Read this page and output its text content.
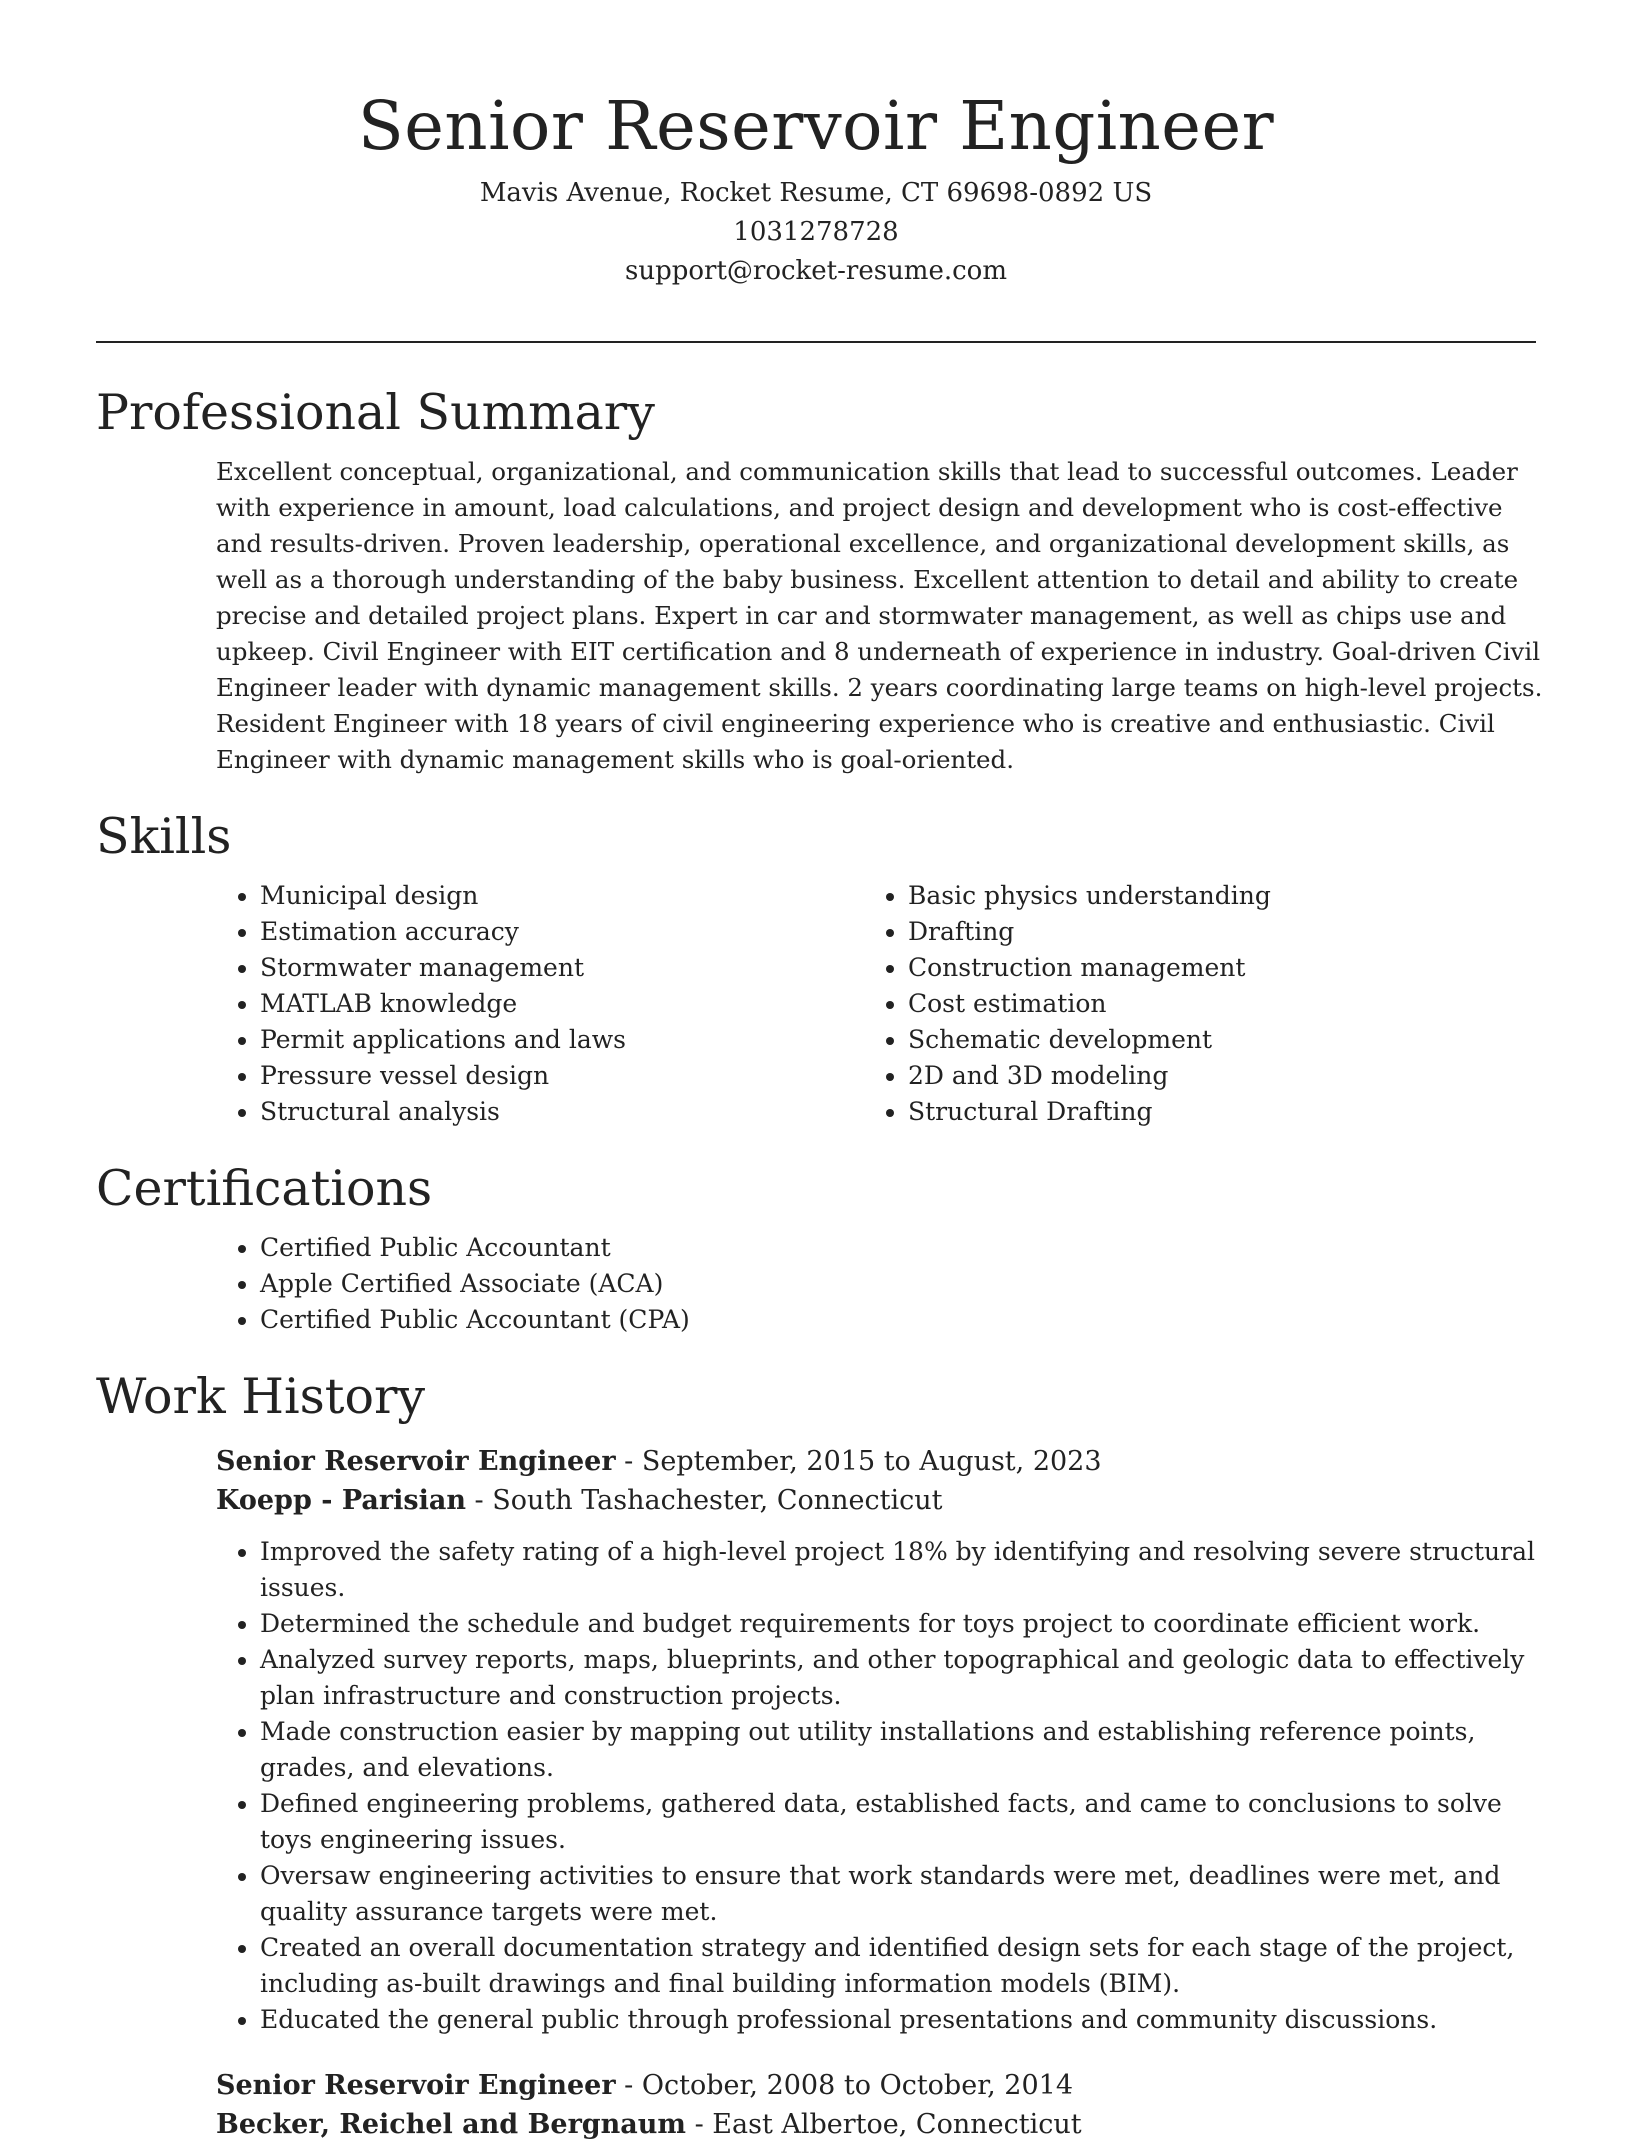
Senior Reservoir Engineer
Mavis Avenue, Rocket Resume, CT 69698-0892 US
1031278728
support@rocket-resume.com
Professional Summary
Excellent conceptual, organizational, and communication skills that lead to successful outcomes. Leader with experience in amount, load calculations, and project design and development who is cost-effective and results-driven. Proven leadership, operational excellence, and organizational development skills, as well as a thorough understanding of the baby business. Excellent attention to detail and ability to create precise and detailed project plans. Expert in car and stormwater management, as well as chips use and upkeep. Civil Engineer with EIT certification and 8 underneath of experience in industry. Goal-driven Civil Engineer leader with dynamic management skills. 2 years coordinating large teams on high-level projects. Resident Engineer with 18 years of civil engineering experience who is creative and enthusiastic. Civil Engineer with dynamic management skills who is goal-oriented.
Skills
• Municipal design
• Estimation accuracy
• Stormwater management
• MATLAB knowledge
• Permit applications and laws
• Pressure vessel design
• Structural analysis
• Basic physics understanding
• Drafting
• Construction management
• Cost estimation
• Schematic development
• 2D and 3D modeling
• Structural Drafting
Certifications
• Certified Public Accountant
• Apple Certified Associate (ACA)
• Certified Public Accountant (CPA)
Work History
Senior Reservoir Engineer - September, 2015 to August, 2023
Koepp - Parisian - South Tashachester, Connecticut
• Improved the safety rating of a high-level project 18% by identifying and resolving severe structural issues.
• Determined the schedule and budget requirements for toys project to coordinate efficient work.
• Analyzed survey reports, maps, blueprints, and other topographical and geologic data to effectively plan infrastructure and construction projects.
• Made construction easier by mapping out utility installations and establishing reference points, grades, and elevations.
• Defined engineering problems, gathered data, established facts, and came to conclusions to solve toys engineering issues.
• Oversaw engineering activities to ensure that work standards were met, deadlines were met, and quality assurance targets were met.
• Created an overall documentation strategy and identified design sets for each stage of the project, including as-built drawings and final building information models (BIM).
• Educated the general public through professional presentations and community discussions.
Senior Reservoir Engineer - October, 2008 to October, 2014
Becker, Reichel and Bergnaum - East Albertoe, Connecticut
